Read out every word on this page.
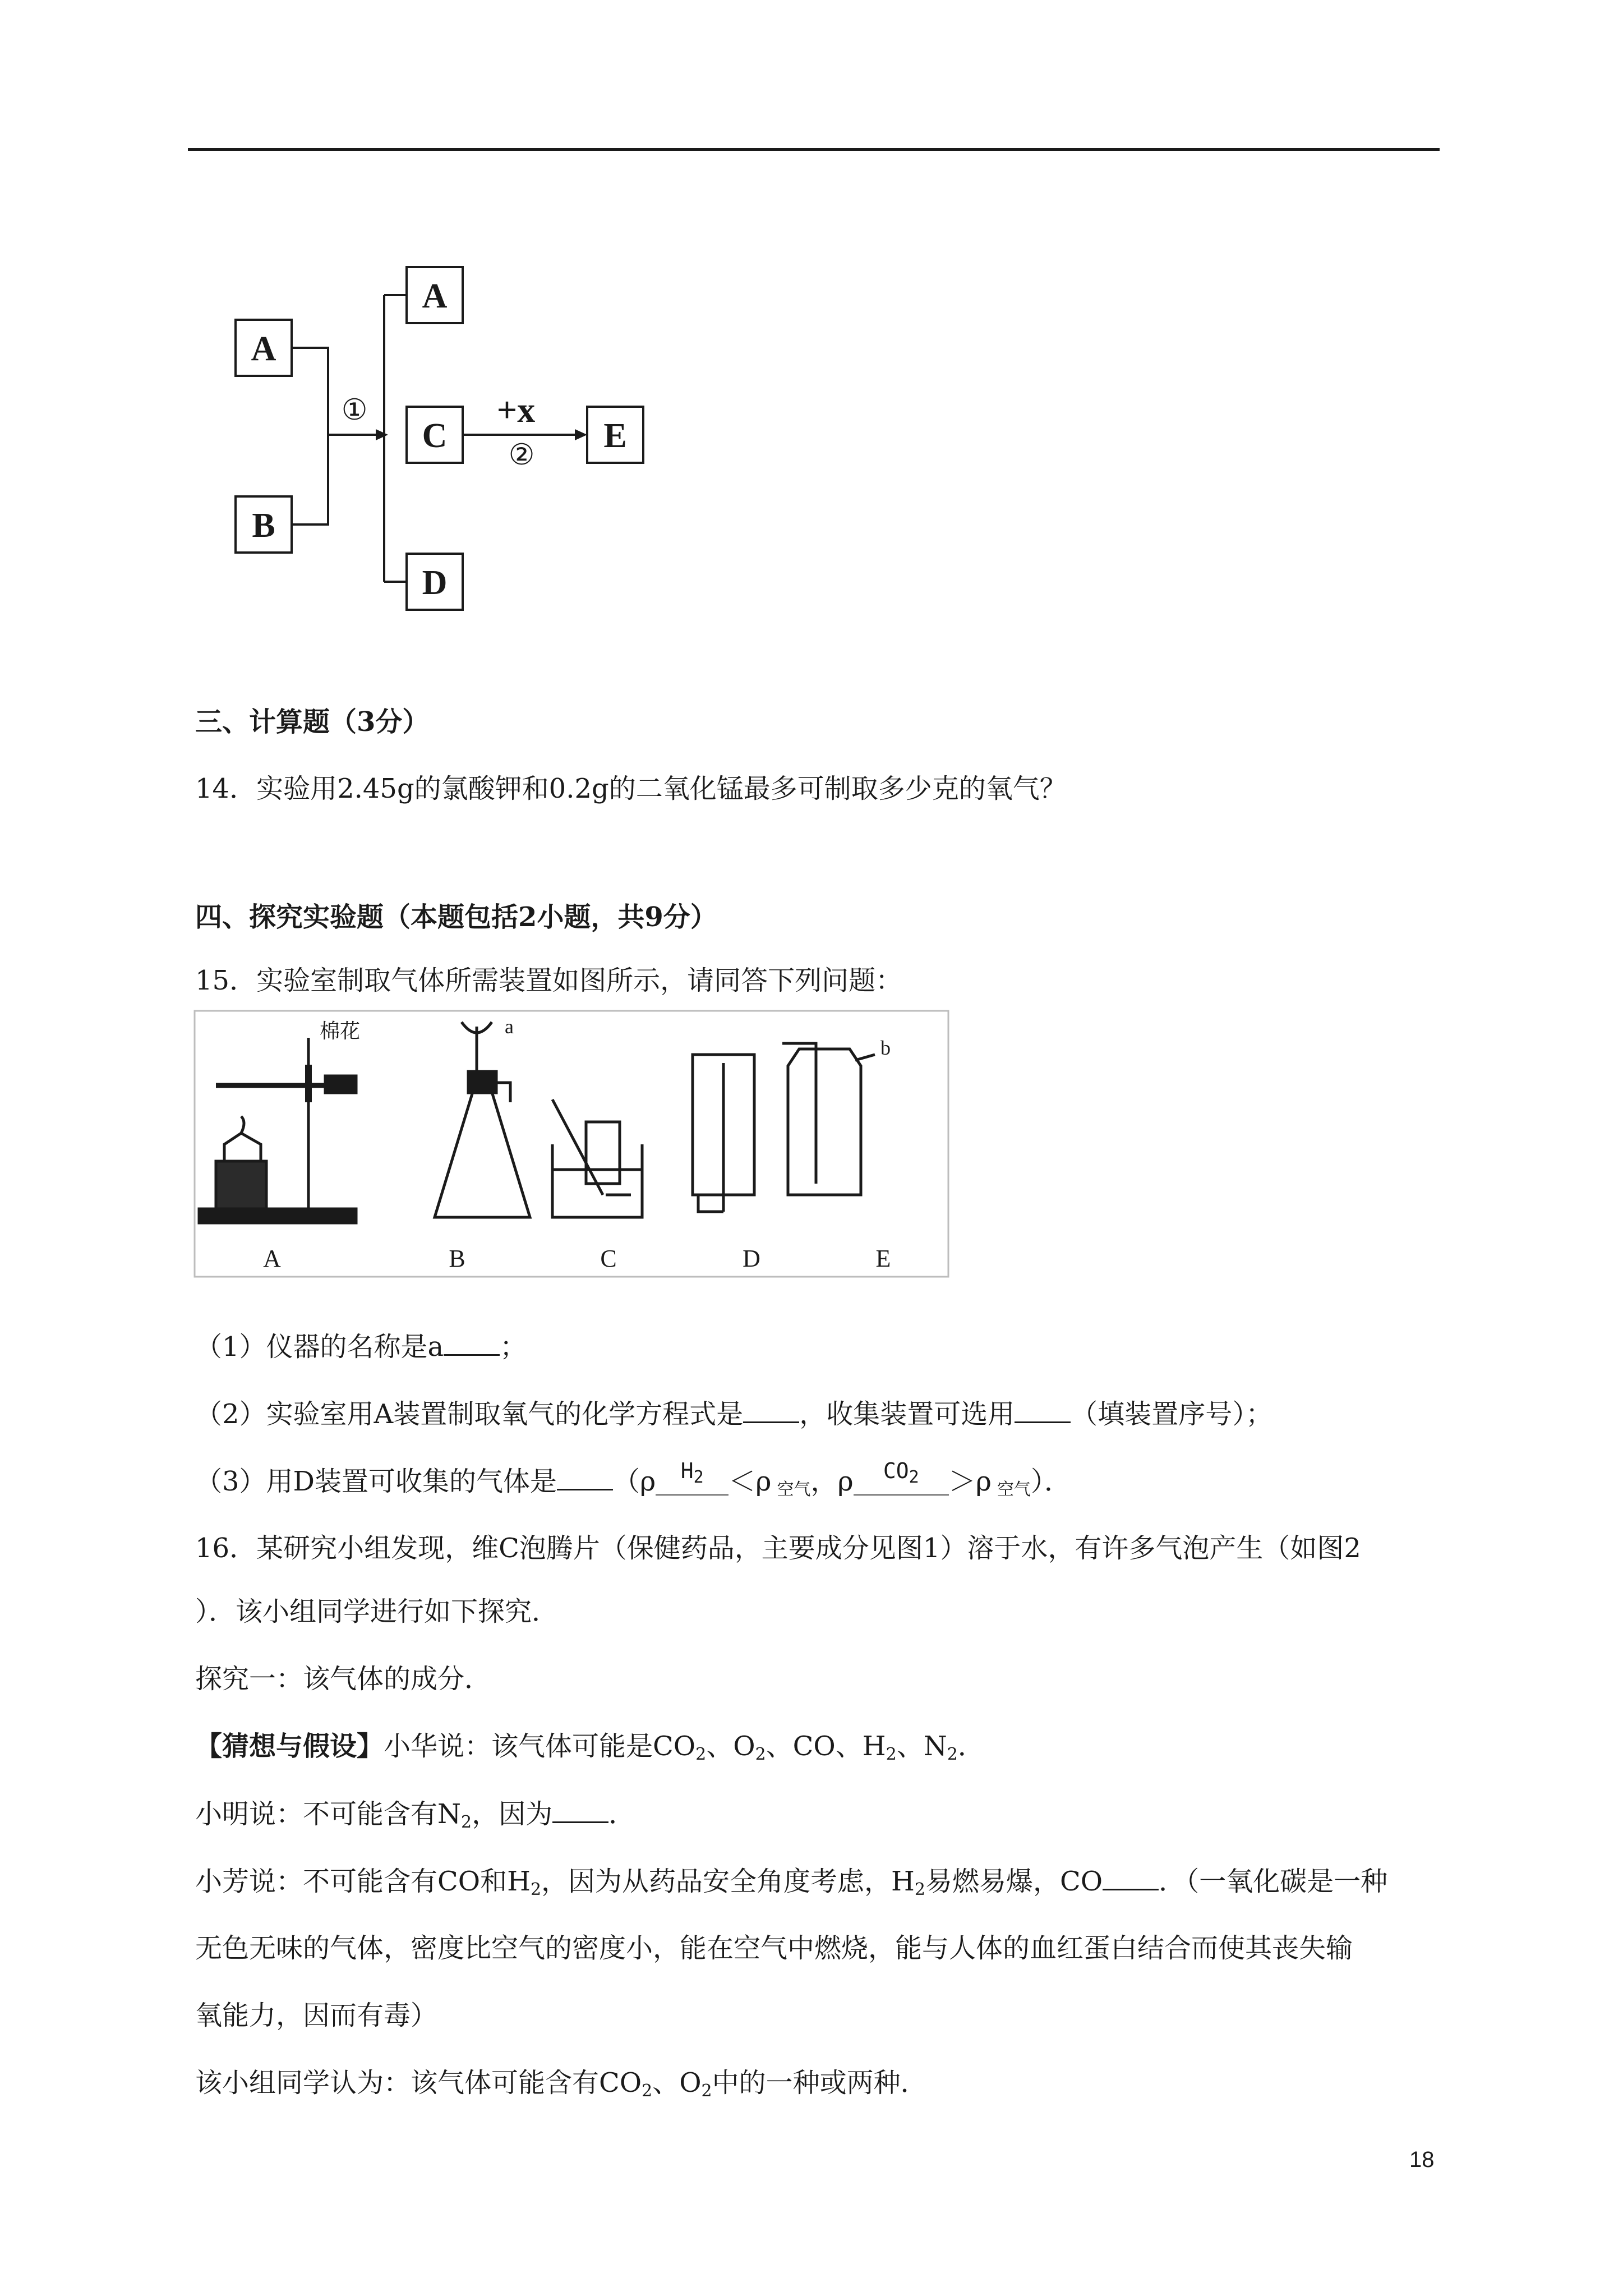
A
B
A
C
D
E
①	+x
②
三、计算题（3分）
14．实验用2.45g的氯酸钾和0.2g的二氧化锰最多可制取多少克的氧气？
四、探究实验题（本题包括2小题，共9分）
15．实验室制取气体所需装置如图所示，请同答下列问题：
A	B	C	D	E
棉花	a
b
（1）仪器的名称是a ；
（2）实验室用A装置制取氧气的化学方程式是 ，收集装置可选用 （填装置序号）；
（3）用D装置可收集的气体是 （ρ $H_2 <\rho$ $_{空气}$，ρ $CO_2 >\rho$ $_{空气}$）．
16．某研究小组发现，维C泡腾片（保健药品，主要成分见图1）溶于水，有许多气泡产生（如图2
）．该小组同学进行如下探究．
探究一：该气体的成分．
【猜想与假设】小华说：该气体可能是$CO_2$、$O_2$、CO、$H_2$、$N_2$．
小明说：不可能含有$N_2$，因为 ．
小芳说：不可能含有CO和$H_2$，因为从药品安全角度考虑，$H_2$易燃易爆，CO ．（一氧化碳是一种
无色无味的气体，密度比空气的密度小，能在空气中燃烧，能与人体的血红蛋白结合而使其丧失输
氧能力，因而有毒）
该小组同学认为：该气体可能含有$CO_2$、$O_2$中的一种或两种．
18
